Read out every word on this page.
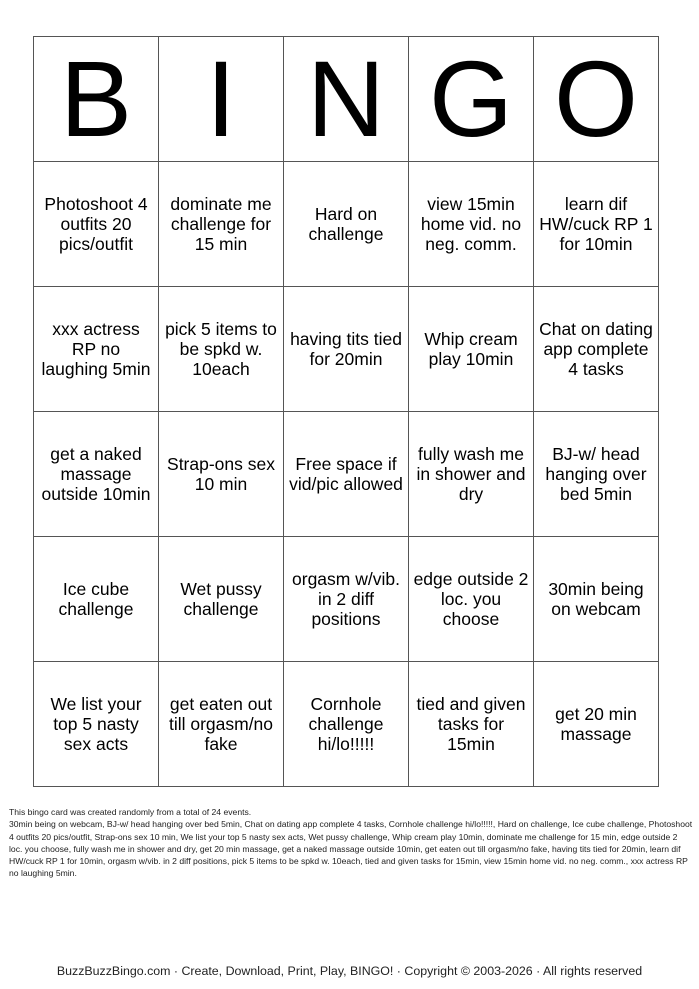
B	I	N	G	O
Photoshoot 4 outfits 20 pics/outfit	dominate me challenge for 15 min	Hard on challenge	view 15min home vid. no neg. comm.	learn dif HW/cuck RP 1 for 10min
xxx actress RP no laughing 5min	pick 5 items to be spkd w. 10each	having tits tied for 20min	Whip cream play 10min	Chat on dating app complete 4 tasks
get a naked massage outside 10min	Strap-ons sex 10 min	Free space if vid/pic allowed	fully wash me in shower and dry	BJ-w/ head hanging over bed 5min
Ice cube challenge	Wet pussy challenge	orgasm w/vib. in 2 diff positions	edge outside 2 loc. you choose	30min being on webcam
We list your top 5 nasty sex acts	get eaten out till orgasm/no fake	Cornhole challenge hi/lo!!!!!	tied and given tasks for 15min	get 20 min massage

This bingo card was created randomly from a total of 24 events.

30min being on webcam, BJ-w/ head hanging over bed 5min, Chat on dating app complete 4 tasks, Cornhole challenge hi/lo!!!!!, Hard on challenge, Ice cube challenge, Photoshoot 4 outfits 20 pics/outfit, Strap-ons sex 10 min, We list your top 5 nasty sex acts, Wet pussy challenge, Whip cream play 10min, dominate me challenge for 15 min, edge outside 2 loc. you choose, fully wash me in shower and dry, get 20 min massage, get a naked massage outside 10min, get eaten out till orgasm/no fake, having tits tied for 20min, learn dif HW/cuck RP 1 for 10min, orgasm w/vib. in 2 diff positions, pick 5 items to be spkd w. 10each, tied and given tasks for 15min, view 15min home vid. no neg. comm., xxx actress RP no laughing 5min.

BuzzBuzzBingo.com · Create, Download, Print, Play, BINGO! · Copyright © 2003-2026 · All rights reserved
